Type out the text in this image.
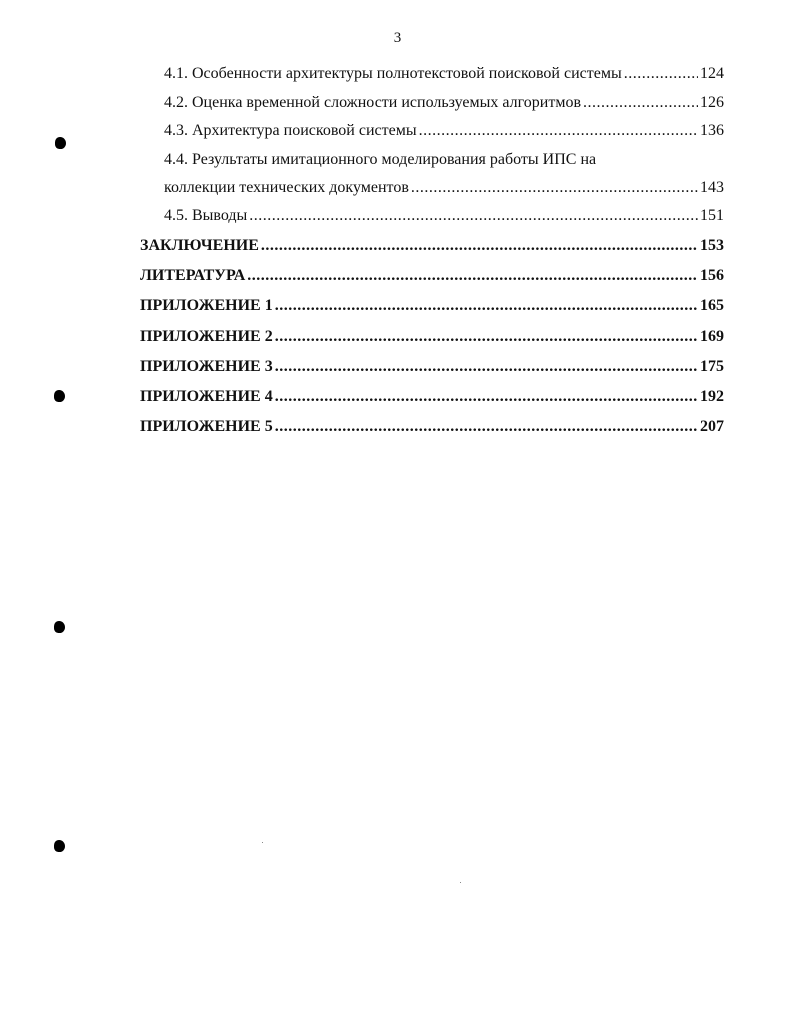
3
4.1. Особенности архитектуры полнотекстовой поисковой системы .....	124
4.2. Оценка временной сложности используемых алгоритмов .....	126
4.3. Архитектура поисковой системы .....	136
4.4. Результаты имитационного моделирования работы ИПС на
коллекции технических документов .....	143
4.5. Выводы .....	151
ЗАКЛЮЧЕНИЕ .....	153
ЛИТЕРАТУРА .....	156
ПРИЛОЖЕНИЕ 1 .....	165
ПРИЛОЖЕНИЕ 2 .....	169
ПРИЛОЖЕНИЕ 3 .....	175
ПРИЛОЖЕНИЕ 4 .....	192
ПРИЛОЖЕНИЕ 5 .....	207
